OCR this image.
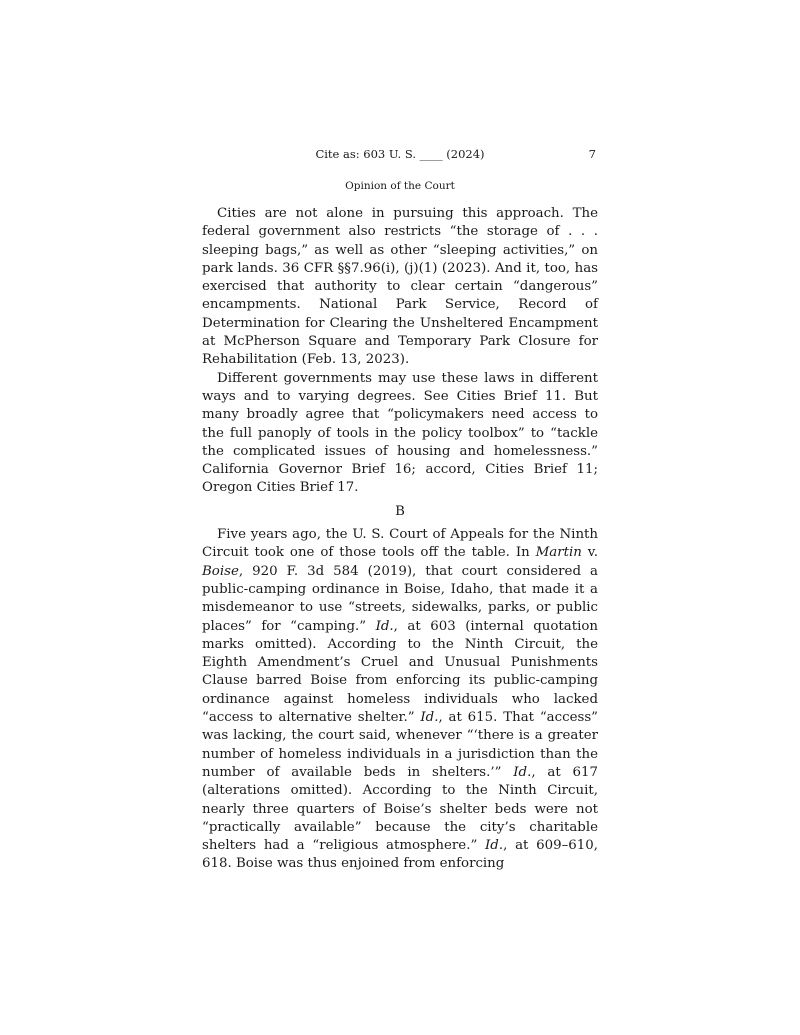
Cite as: 603 U. S. ____ (2024)	7
Opinion of the Court

Cities are not alone in pursuing this approach. The federal government also restricts “the storage of . . . sleeping bags,” as well as other “sleeping activities,” on park lands. 36 CFR §§7.96(i), (j)(1) (2023). And it, too, has exercised that authority to clear certain “dangerous” encampments. National Park Service, Record of Determination for Clearing the Unsheltered Encampment at McPherson Square and Temporary Park Closure for Rehabilitation (Feb. 13, 2023).

Different governments may use these laws in different ways and to varying degrees. See Cities Brief 11. But many broadly agree that “policymakers need access to the full panoply of tools in the policy toolbox” to “tackle the complicated issues of housing and homelessness.” California Governor Brief 16; accord, Cities Brief 11; Oregon Cities Brief 17.

B

Five years ago, the U. S. Court of Appeals for the Ninth Circuit took one of those tools off the table. In Martin v. Boise, 920 F. 3d 584 (2019), that court considered a public-camping ordinance in Boise, Idaho, that made it a misdemeanor to use “streets, sidewalks, parks, or public places” for “camping.” Id., at 603 (internal quotation marks omitted). According to the Ninth Circuit, the Eighth Amendment’s Cruel and Unusual Punishments Clause barred Boise from enforcing its public-camping ordinance against homeless individuals who lacked “access to alternative shelter.” Id., at 615. That “access” was lacking, the court said, whenever “‘there is a greater number of homeless individuals in a jurisdiction than the number of available beds in shelters.’” Id., at 617 (alterations omitted). According to the Ninth Circuit, nearly three quarters of Boise’s shelter beds were not “practically available” because the city’s charitable shelters had a “religious atmosphere.” Id., at 609–610, 618. Boise was thus enjoined from enforcing
